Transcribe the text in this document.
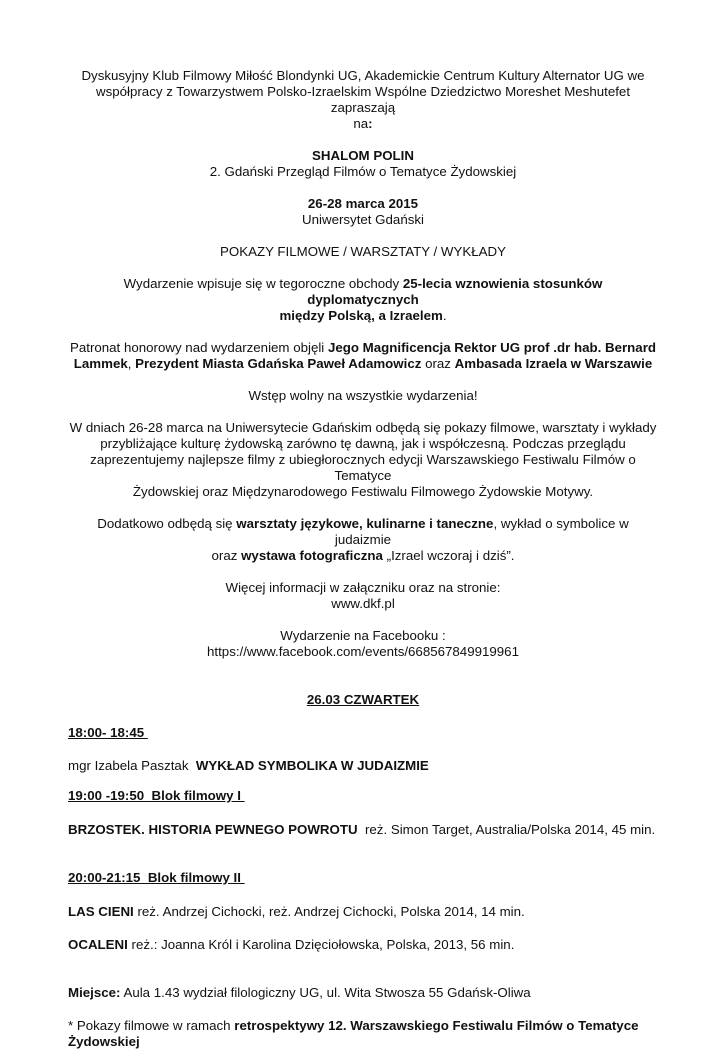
Dyskusyjny Klub Filmowy Miłość Blondynki UG, Akademickie Centrum Kultury Alternator UG we

współpracy z Towarzystwem Polsko-Izraelskim Wspólne Dziedzictwo Moreshet Meshutefet zapraszają

na:

SHALOM POLIN

2. Gdański Przegląd Filmów o Tematyce Żydowskiej

26-28 marca 2015

Uniwersytet Gdański

POKAZY FILMOWE / WARSZTATY / WYKŁADY

Wydarzenie wpisuje się w tegoroczne obchody 25-lecia wznowienia stosunków dyplomatycznych

między Polską, a Izraelem.

Patronat honorowy nad wydarzeniem objęli Jego Magnificencja Rektor UG prof .dr hab. Bernard

Lammek, Prezydent Miasta Gdańska Paweł Adamowicz oraz Ambasada Izraela w Warszawie

Wstęp wolny na wszystkie wydarzenia!

W dniach 26-28 marca na Uniwersytecie Gdańskim odbędą się pokazy filmowe, warsztaty i wykłady

przybliżające kulturę żydowską zarówno tę dawną, jak i współczesną. Podczas przeglądu

zaprezentujemy najlepsze filmy z ubiegłorocznych edycji Warszawskiego Festiwalu Filmów o Tematyce

Żydowskiej oraz Międzynarodowego Festiwalu Filmowego Żydowskie Motywy.

Dodatkowo odbędą się warsztaty językowe, kulinarne i taneczne, wykład o symbolice w judaizmie

oraz wystawa fotograficzna „Izrael wczoraj i dziś”.

Więcej informacji w załączniku oraz na stronie:

www.dkf.pl

Wydarzenie na Facebooku :

https://www.facebook.com/events/668567849919961

26.03 CZWARTEK

18:00- 18:45

mgr Izabela Pasztak  WYKŁAD SYMBOLIKA W JUDAIZMIE

19:00 -19:50  Blok filmowy I

BRZOSTEK. HISTORIA PEWNEGO POWROTU  reż. Simon Target, Australia/Polska 2014, 45 min.

20:00-21:15  Blok filmowy II

LAS CIENI reż. Andrzej Cichocki, reż. Andrzej Cichocki, Polska 2014, 14 min.

OCALENI reż.: Joanna Król i Karolina Dzięciołowska, Polska, 2013, 56 min.

Miejsce: Aula 1.43 wydział filologiczny UG, ul. Wita Stwosza 55 Gdańsk-Oliwa

* Pokazy filmowe w ramach retrospektywy 12. Warszawskiego Festiwalu Filmów o Tematyce

Żydowskiej
